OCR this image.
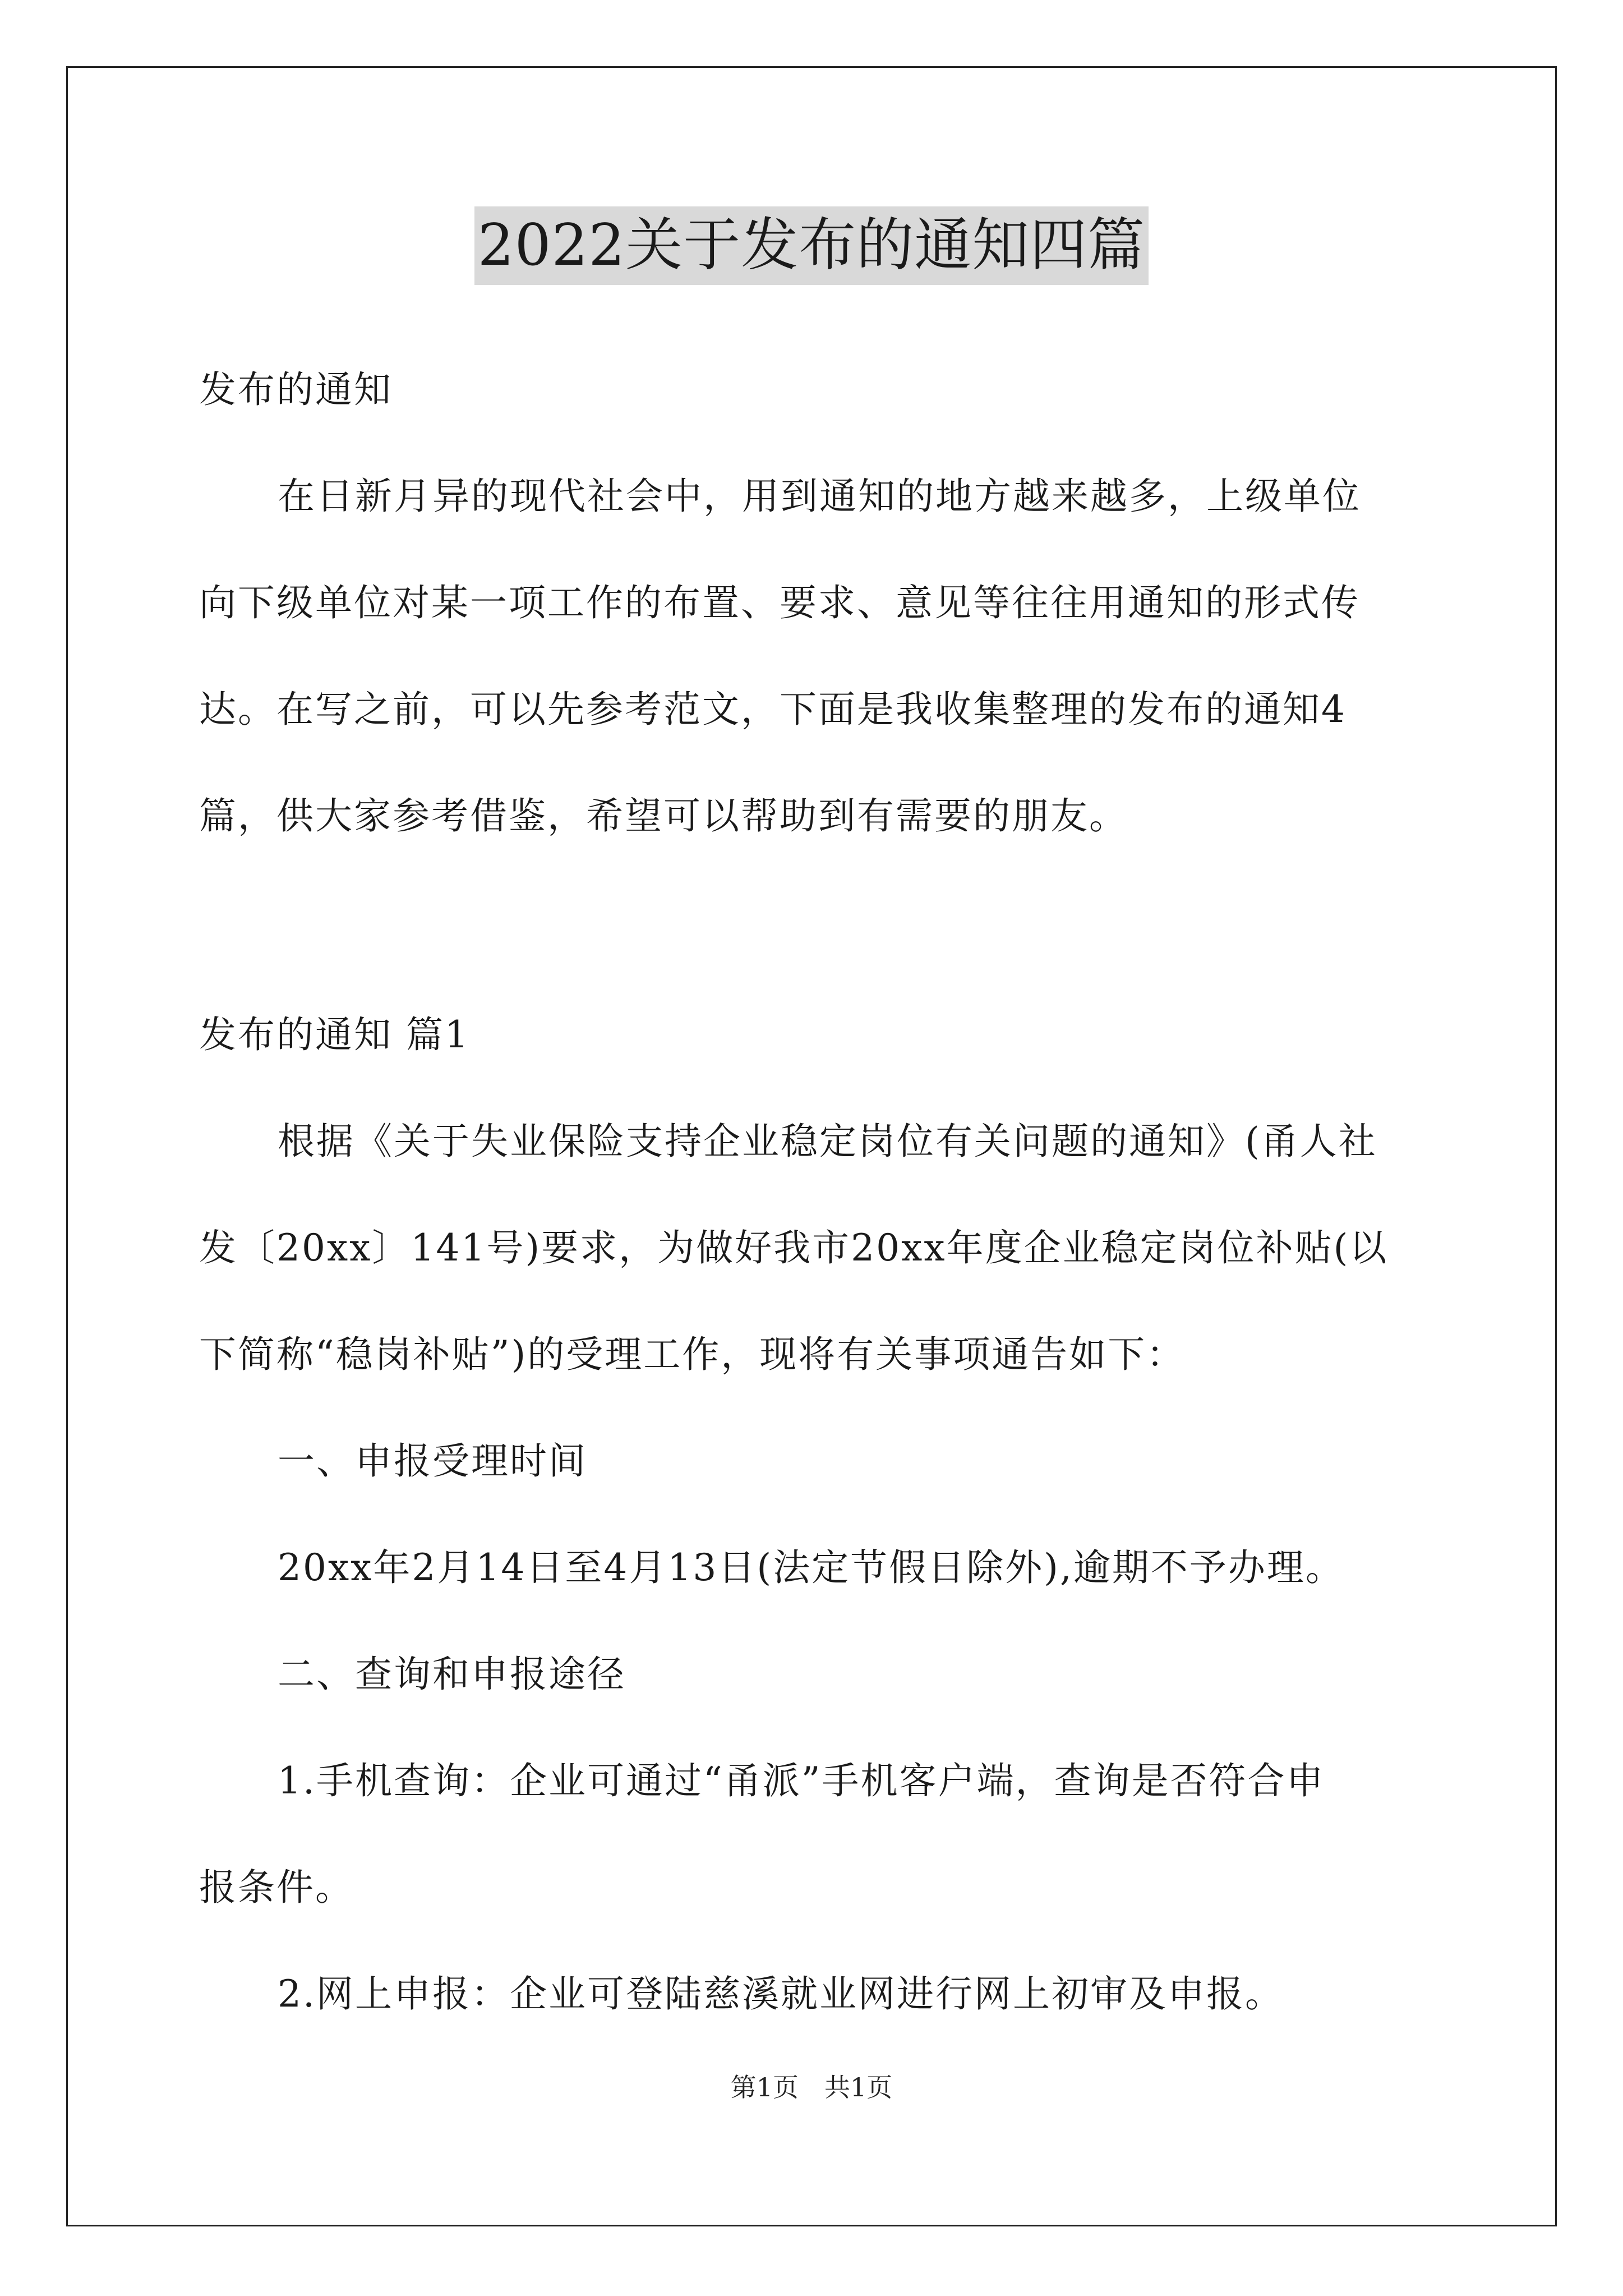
2022关于发布的通知四篇

发布的通知

在日新月异的现代社会中，用到通知的地方越来越多，上级单位

向下级单位对某一项工作的布置、要求、意见等往往用通知的形式传

达。在写之前，可以先参考范文，下面是我收集整理的发布的通知4

篇，供大家参考借鉴，希望可以帮助到有需要的朋友。

发布的通知 篇1

根据《关于失业保险支持企业稳定岗位有关问题的通知》(甬人社

发〔20xx〕141号)要求，为做好我市20xx年度企业稳定岗位补贴(以

下简称“稳岗补贴”)的受理工作，现将有关事项通告如下：

一、申报受理时间

20xx年2月14日至4月13日(法定节假日除外),逾期不予办理。

二、查询和申报途径

1.手机查询：企业可通过“甬派”手机客户端，查询是否符合申

报条件。

2.网上申报：企业可登陆慈溪就业网进行网上初审及申报。

第1页　共1页
